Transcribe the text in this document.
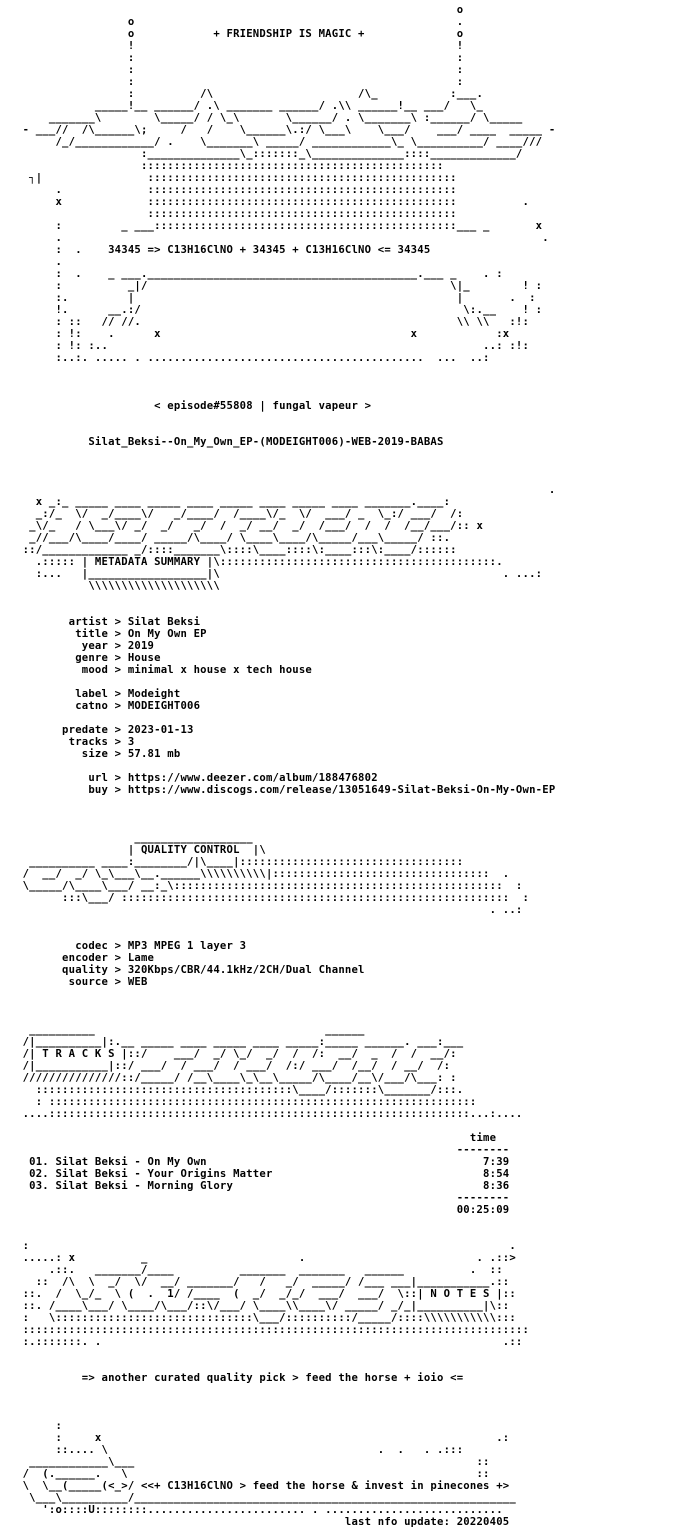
o
o                                                 .
o            + FRIENDSHIP IS MAGIC +              o
!                                                 !
:                                                 :
:                                                 :
:                                                 :
:          /\                      /\_           :___.
_____!__ ______/ .\ _______ ______/ .\\ ______!__ ___/   \_
_______\        \_____/ / \_\       \______/ . \_______\ :______/ \_____
- ___//  /\______\;     /   /    \______\.:/ \___\    \___/    ___/ ____  _____ -
/_/____________/ .    \_______\ _____/ ____________\_ \__________/ ____///
:______________\_:::::::_\______________::::_____________/
::::::::::::::::::::::::::::::::::::::::::::::
┐|                :::::::::::::::::::::::::::::::::::::::::::::::
.             :::::::::::::::::::::::::::::::::::::::::::::::
x             :::::::::::::::::::::::::::::::::::::::::::::::          .
:::::::::::::::::::::::::::::::::::::::::::::::
:         _ ___::::::::::::::::::::::::::::::::::::::::::::::___ _       x
.                                                                         .
:  .    34345 => C13H16ClNO + 34345 + C13H16ClNO <= 34345
.
:  .    _ ___._________________________________________.___ _    . :
:          _|/                                              \|_        ! :
:.         |                                                 |       .  :
!.      __.:/                                                 \:.__    ! :
: ::   // //.                                                \\ \\   :!:
: !:    .      x                                      x            :x
: !: :..                                                         ..: :!:
:..:. ..... . ..........................................  ...  ..:

< episode#55808 | fungal vapeur >

Silat_Beksi--On_My_Own_EP-(MODEIGHT006)-WEB-2019-BABAS

.
x _:_ _____ ____ _____ ____ _____ ____ _____ ____ _______.____:
_:/_  \/  _/____\/   _/____/  /____\/_  \/  ___/ _  \_:/ ___/  /:
_\/_   / \___\/ _/  _/   _/  /  _/ __/  _/  /___/  /  /  /__/___/:: x
_//___/\____/____/ _____/\____/ \____\____/\_____/___\_____/ ::.
::/_____________ _/::::_______\::::\____::::\:____:::\:____/::::::
.::::: | METADATA SUMMARY |\::::::::::::::::::::::::::::::::::::::::::.
:...   |__________________|\                                           . ...:
\\\\\\\\\\\\\\\\\\\\

artist > Silat Beksi
title > On My Own EP
year > 2019
genre > House
mood > minimal x house x tech house

label > Modeight
catno > MODEIGHT006

predate > 2023-01-13
tracks > 3
size > 57.81 mb

url > https://www.deezer.com/album/188476802
buy > https://www.discogs.com/release/13051649-Silat-Beksi-On-My-Own-EP

__________________
| QUALITY CONTROL  |\
__________ ____:________/|\____|::::::::::::::::::::::::::::::::::
/  __/  _/ \_\___\__.______\\\\\\\\\\|:::::::::::::::::::::::::::::::::  .
\_____/\____\___/ __:_\::::::::::::::::::::::::::::::::::::::::::::::::::  :
:::\___/ :::::::::::::::::::::::::::::::::::::::::::::::::::::::::::  :
. ..:

codec > MP3 MPEG 1 layer 3
encoder > Lame
quality > 320Kbps/CBR/44.1kHz/2CH/Dual Channel
source > WEB

__________                                   ______
/|__________|:.__ _____ ____ _____ ____ _____:_____ ______. ___:___
/| T R A C K S |::/    ___/  _/ \_/  _/  /  /:  __/  _  /  /  __/:
/|___________|::/ ___/  / ___/  / ___/  /:/ ___/  /__/  / __/  /:
///////////////::/_____/ /__\____\_\__\_____/\____/__\/___/\___: :
:::::::::::::::::::::::::::::::::::::::\____/:::::::\_______/:::.
: :::::::::::::::::::::::::::::::::::::::::::::::::::::::::::::::::
....::::::::::::::::::::::::::::::::::::::::::::::::::::::::::::::::...:....

time
--------
01. Silat Beksi - On My Own                                          7:39
02. Silat Beksi - Your Origins Matter                                8:54
03. Silat Beksi - Morning Glory                                      8:36
--------
00:25:09

:                                                                         .
.....: x          _                       .                          . .::>
.::.   _______/____          _______  _______   ______          .  ::
::  /\  \  _/  \/  __/ _______/   /   _/  _____/ /___ ___|___________.::
::.  /  \_/_  \ (  .  1/ /____  (  _/  _/_/  ___/  ___/  \::| N O T E S |::
::. /____\___/ \____/\___/::\/___/ \____\\____\/ _____/ _/_|__________|\::
:   \::::::::::::::::::::::::::::::\___/::::::::::/_____/::::\\\\\\\\\\\:::
:::::::::::::::::::::::::::::::::::::::::::::::::::::::::::::::::::::::::::::
:.:::::::. .                                                             .::

=> another curated quality pick > feed the horse + ioio <=

:
:     x                                                            .:
::.... \                                         .  .   . .:::
____________\___                                                    ::
/  (.______.   \                                                     ::
\  \__(_____(<_>/ <<+ C13H16ClNO > feed the horse & invest in pinecones +>
\___\__________/__________________________________________________________
':o::::U::::::::........................ . ...........................
last nfo update: 20220405
